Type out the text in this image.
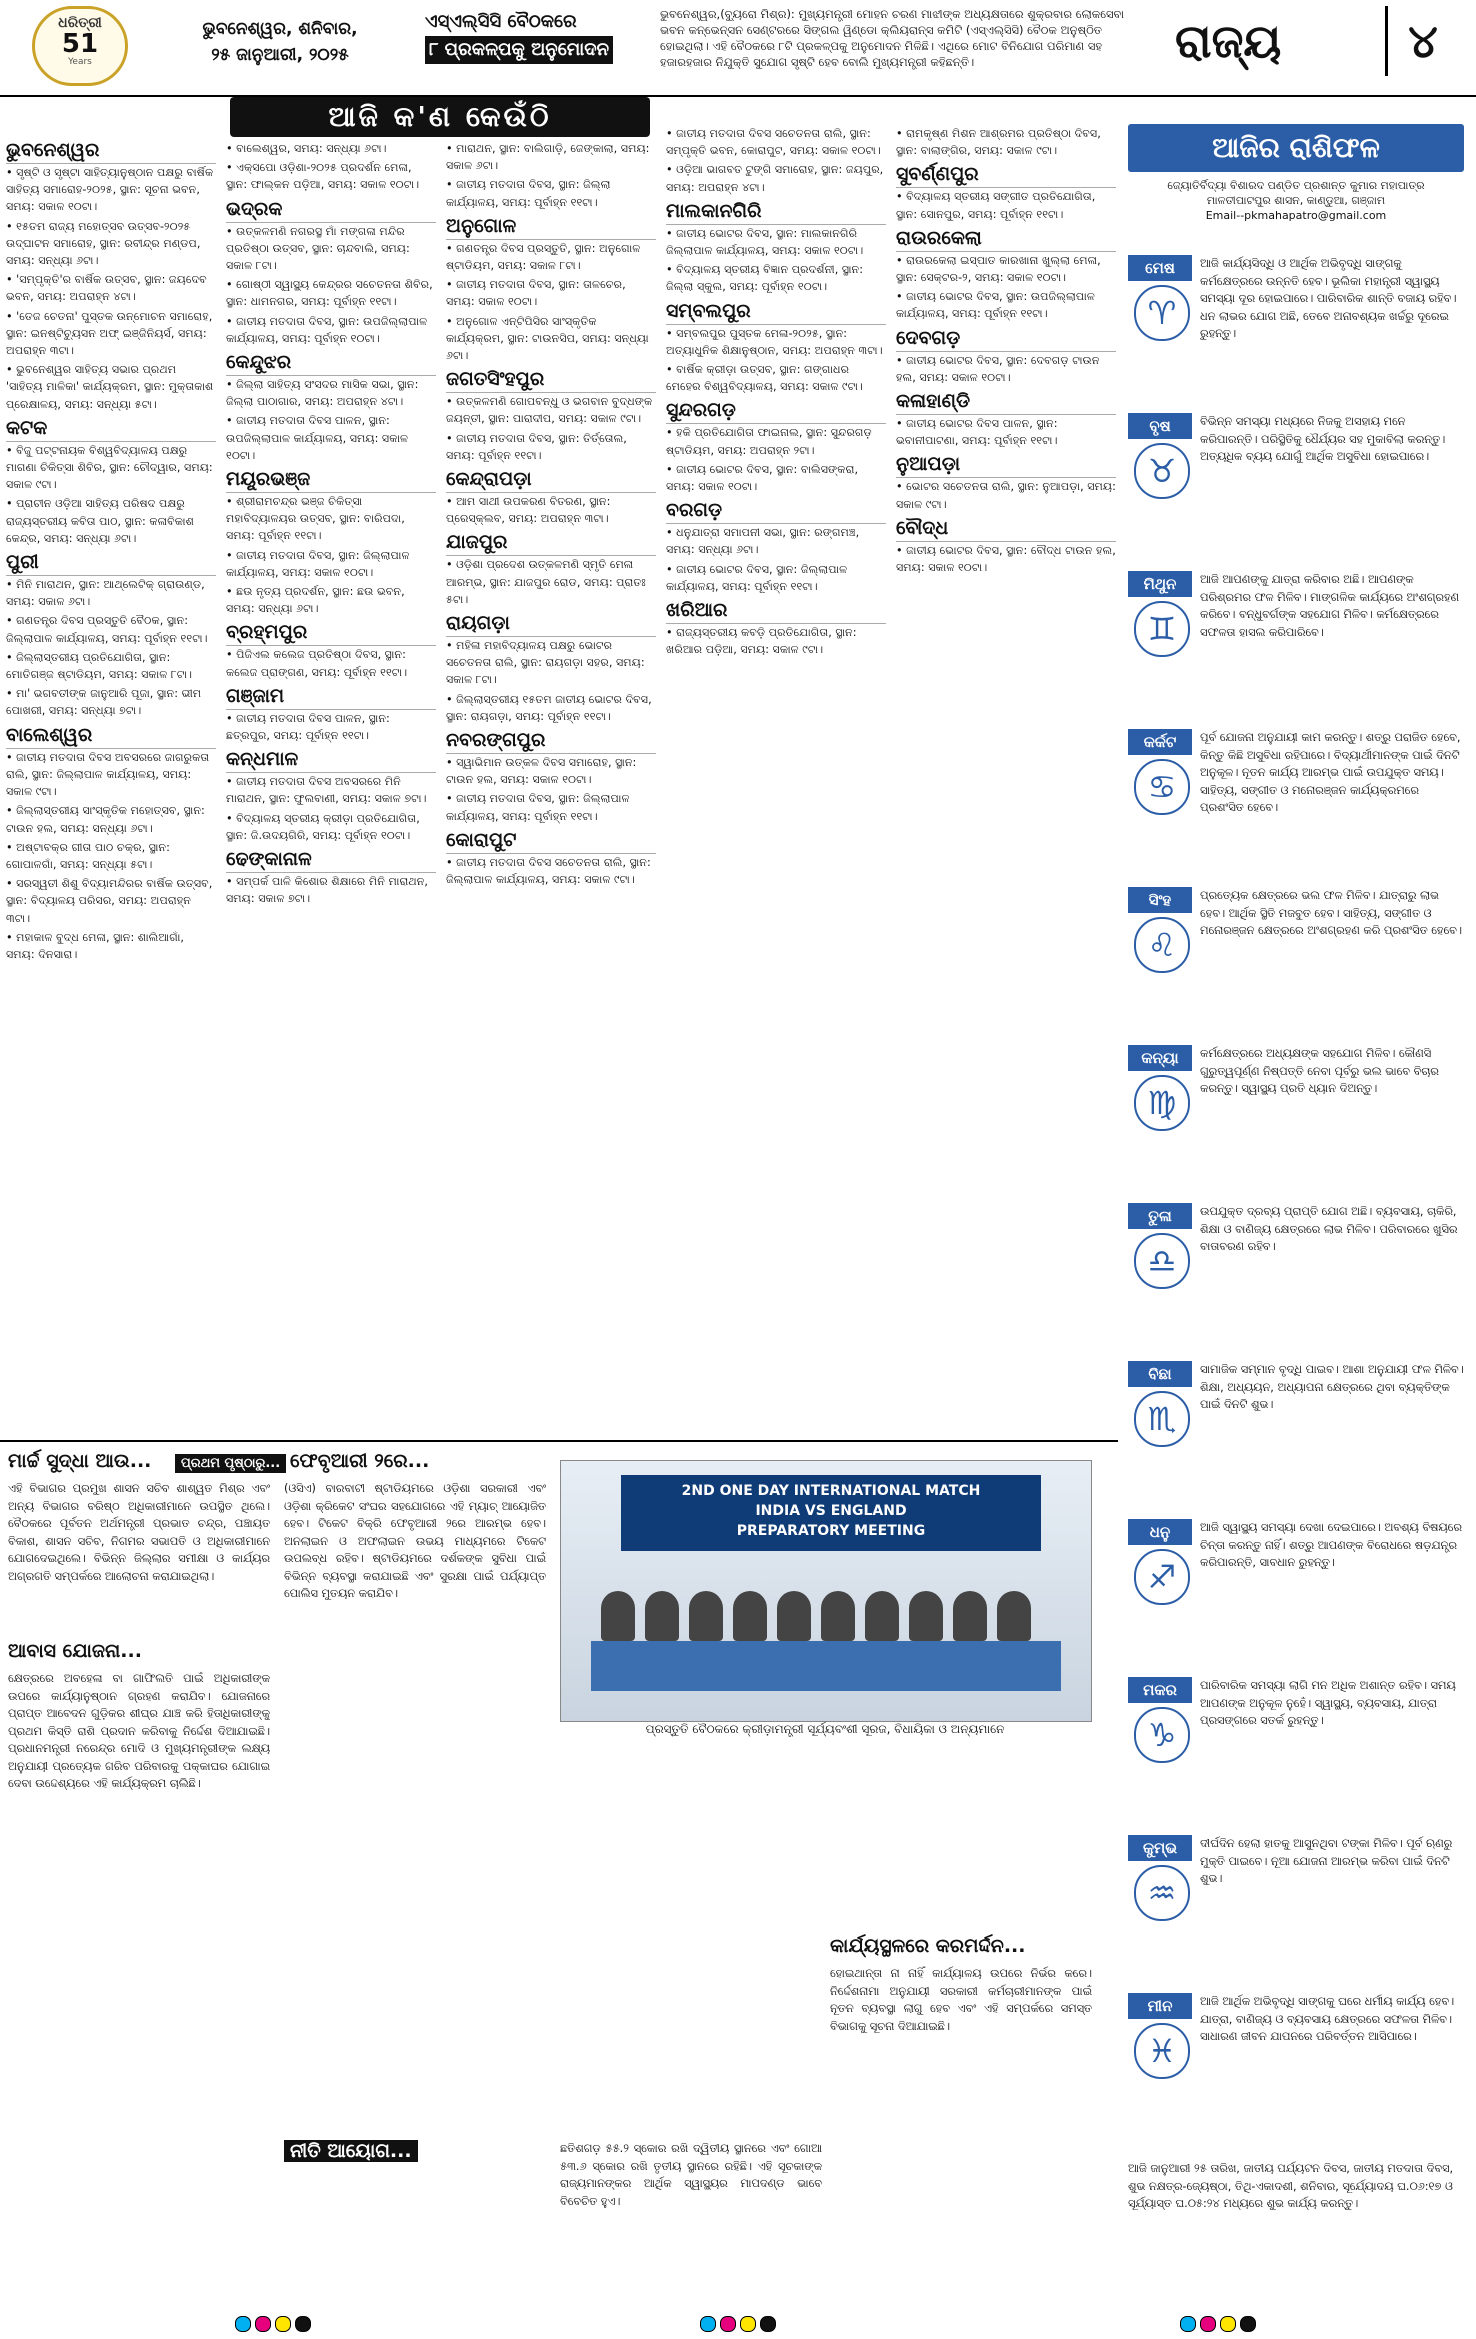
ଧରିତ୍ରୀ
51
Years
ଭୁବନେଶ୍ୱର, ଶନିବାର,
୨୫ ଜାନୁଆରୀ, ୨୦୨୫
ଏସ୍‌ଏଲ୍‌ସିସି ବୈଠକରେ
୮ ପ୍ରକଳ୍ପକୁ ଅନୁମୋଦନ
ଭୁବନେଶ୍ୱର,(ବ୍ୟୁରୋ ମିଶ୍ର): ମୁଖ୍ୟମନ୍ତ୍ରୀ ମୋହନ ଚରଣ ମାଝୀଙ୍କ ଅଧ୍ୟକ୍ଷତାରେ ଶୁକ୍ରବାର ଲୋକସେବା ଭବନ କନ୍‌ଭେନ୍‌ସନ ସେଣ୍ଟରରେ ସିଙ୍ଗଲ ୱିଣ୍ଡୋ କ୍ଲିୟରାନ୍ସ କମିଟି (ଏସ୍‌ଏଲ୍‌ସିସି) ବୈଠକ ଅନୁଷ୍ଠିତ ହୋଇଥିଲା। ଏହି ବୈଠକରେ ୮ଟି ପ୍ରକଳ୍ପକୁ ଅନୁମୋଦନ ମିଳିଛି। ଏଥିରେ ମୋଟ ବିନିଯୋଗ ପରିମାଣ ସହ ହଜାରହଜାର ନିଯୁକ୍ତି ସୁଯୋଗ ସୃଷ୍ଟି ହେବ ବୋଲି ମୁଖ୍ୟମନ୍ତ୍ରୀ କହିଛନ୍ତି।	ରାଜ୍ୟ	୪
ଆଜି କ'ଣ କେଉଁଠି
ଭୁବନେଶ୍ୱର
• ସୃଷ୍ଟି ଓ ସୃଷ୍ଟା ସାହିତ୍ୟାନୁଷ୍ଠାନ ପକ୍ଷରୁ ବାର୍ଷିକ ସାହିତ୍ୟ ସମାରୋହ-୨୦୨୫, ସ୍ଥାନ: ସୂଚନା ଭବନ, ସମୟ: ସକାଳ ୧୦ଟା।
• ୧୫ତମ ରାଜ୍ୟ ମହୋତ୍ସବ ଉତ୍ସବ-୨୦୨୫ ଉଦ୍‌ଘାଟନ ସମାରୋହ, ସ୍ଥାନ: ରବୀନ୍ଦ୍ର ମଣ୍ଡପ, ସମୟ: ସନ୍ଧ୍ୟା ୬ଟା।
• 'ସମ୍ପୃକ୍ତି'ର ବାର୍ଷିକ ଉତ୍ସବ, ସ୍ଥାନ: ଜୟଦେବ ଭବନ, ସମୟ: ଅପରାହ୍ନ ୪ଟା।
• 'ତେଜ ଚେତନା' ପୁସ୍ତକ ଉନ୍ମୋଚନ ସମାରୋହ, ସ୍ଥାନ: ଇନଷ୍ଟିଚ୍ୟୁସନ ଅଫ୍ ଇଞ୍ଜିନିୟର୍ସ, ସମୟ: ଅପରାହ୍ନ ୩ଟା।
• ଭୁବନେଶ୍ୱର ସାହିତ୍ୟ ସଭାର ପ୍ରଥମ 'ସାହିତ୍ୟ ମାଳିକା' କାର୍ଯ୍ୟକ୍ରମ, ସ୍ଥାନ: ମୁକ୍ତାକାଶ ପ୍ରେକ୍ଷାଳୟ, ସମୟ: ସନ୍ଧ୍ୟା ୫ଟା।
କଟକ
• ବିଜୁ ପଟ୍ଟନାୟକ ବିଶ୍ୱବିଦ୍ୟାଳୟ ପକ୍ଷରୁ ମାଗଣା ଚିକିତ୍ସା ଶିବିର, ସ୍ଥାନ: ଚୌଦ୍ୱାର, ସମୟ: ସକାଳ ୯ଟା।
• ପ୍ରାଚୀନ ଓଡ଼ିଆ ସାହିତ୍ୟ ପରିଷଦ ପକ୍ଷରୁ ରାଜ୍ୟସ୍ତରୀୟ କବିତା ପାଠ, ସ୍ଥାନ: କଳାବିକାଶ କେନ୍ଦ୍ର, ସମୟ: ସନ୍ଧ୍ୟା ୬ଟା।
ପୁରୀ
• ମିନି ମାରାଥନ, ସ୍ଥାନ: ଆଥ୍‌ଲେଟିକ୍ ଗ୍ରାଉଣ୍ଡ, ସମୟ: ସକାଳ ୬ଟା।
• ଗଣତନ୍ତ୍ର ଦିବସ ପ୍ରସ୍ତୁତି ବୈଠକ, ସ୍ଥାନ: ଜିଲ୍ଲାପାଳ କାର୍ଯ୍ୟାଳୟ, ସମୟ: ପୂର୍ବାହ୍ନ ୧୧ଟା।
• ଜିଲ୍ଲାସ୍ତରୀୟ ପ୍ରତିଯୋଗିତା, ସ୍ଥାନ: ମୋତିଗଞ୍ଜ ଷ୍ଟାଡିୟମ, ସମୟ: ସକାଳ ୮ଟା।
• ମା' ଭଗବତୀଙ୍କ ଜାନୁଆରି ପୂଜା, ସ୍ଥାନ: ଭୀମ ପୋଖରୀ, ସମୟ: ସନ୍ଧ୍ୟା ୭ଟା।
ବାଲେଶ୍ୱର
• ଜାତୀୟ ମତଦାତା ଦିବସ ଅବସରରେ ଜାଗରୁକତା ରାଲି, ସ୍ଥାନ: ଜିଲ୍ଲାପାଳ କାର୍ଯ୍ୟାଳୟ, ସମୟ: ସକାଳ ୯ଟା।
• ଜିଲ୍ଲାସ୍ତରୀୟ ସାଂସ୍କୃତିକ ମହୋତ୍ସବ, ସ୍ଥାନ: ଟାଉନ ହଲ, ସମୟ: ସନ୍ଧ୍ୟା ୬ଟା।
• ଅଷ୍ଟାବକ୍ର ଗୀତା ପାଠ ଚକ୍ର, ସ୍ଥାନ: ଗୋପାଳଗାଁ, ସମୟ: ସନ୍ଧ୍ୟା ୫ଟା।
• ସରସ୍ୱତୀ ଶିଶୁ ବିଦ୍ୟାମନ୍ଦିରର ବାର୍ଷିକ ଉତ୍ସବ, ସ୍ଥାନ: ବିଦ୍ୟାଳୟ ପରିସର, ସମୟ: ଅପରାହ୍ନ ୩ଟା।
• ମହାକାଳ ବୁଦ୍ଧ ମେଳା, ସ୍ଥାନ: ଶାଲିଆଗାଁ, ସମୟ: ଦିନସାରା।
• ବାଲେଶ୍ୱର, ସମୟ: ସନ୍ଧ୍ୟା ୬ଟା।
• ଏକ୍ସପୋ ଓଡ଼ିଶା-୨୦୨୫ ପ୍ରଦର୍ଶନ ମେଳା, ସ୍ଥାନ: ଫାଲ୍‌କନ ପଡ଼ିଆ, ସମୟ: ସକାଳ ୧୦ଟା।
ଭଦ୍ରକ
• ଉତ୍କଳମଣି ନଗରସ୍ଥ ମାଁ ମଙ୍ଗଳା ମନ୍ଦିର ପ୍ରତିଷ୍ଠା ଉତ୍ସବ, ସ୍ଥାନ: ଚାନ୍ଦବାଲି, ସମୟ: ସକାଳ ୮ଟା।
• ଗୋଷ୍ଠୀ ସ୍ୱାସ୍ଥ୍ୟ କେନ୍ଦ୍ରର ସଚେତନତା ଶିବିର, ସ୍ଥାନ: ଧାମନଗର, ସମୟ: ପୂର୍ବାହ୍ନ ୧୧ଟା।
• ଜାତୀୟ ମତଦାତା ଦିବସ, ସ୍ଥାନ: ଉପଜିଲ୍ଲାପାଳ କାର୍ଯ୍ୟାଳୟ, ସମୟ: ପୂର୍ବାହ୍ନ ୧୦ଟା।
କେନ୍ଦୁଝର
• ଜିଲ୍ଲା ସାହିତ୍ୟ ସଂସଦର ମାସିକ ସଭା, ସ୍ଥାନ: ଜିଲ୍ଲା ପାଠାଗାର, ସମୟ: ଅପରାହ୍ନ ୪ଟା।
• ଜାତୀୟ ମତଦାତା ଦିବସ ପାଳନ, ସ୍ଥାନ: ଉପଜିଲ୍ଲାପାଳ କାର୍ଯ୍ୟାଳୟ, ସମୟ: ସକାଳ ୧୦ଟା।
ମୟୂରଭଞ୍ଜ
• ଶ୍ରୀରାମଚନ୍ଦ୍ର ଭଞ୍ଜ ଚିକିତ୍ସା ମହାବିଦ୍ୟାଳୟର ଉତ୍ସବ, ସ୍ଥାନ: ବାରିପଦା, ସମୟ: ପୂର୍ବାହ୍ନ ୧୧ଟା।
• ଜାତୀୟ ମତଦାତା ଦିବସ, ସ୍ଥାନ: ଜିଲ୍ଲାପାଳ କାର୍ଯ୍ୟାଳୟ, ସମୟ: ସକାଳ ୧୦ଟା।
• ଛଉ ନୃତ୍ୟ ପ୍ରଦର୍ଶନ, ସ୍ଥାନ: ଛଉ ଭବନ, ସମୟ: ସନ୍ଧ୍ୟା ୬ଟା।
ବ୍ରହ୍ମପୁର
• ପିଜିଏଲ କଲେଜ ପ୍ରତିଷ୍ଠା ଦିବସ, ସ୍ଥାନ: କଲେଜ ପ୍ରାଙ୍ଗଣ, ସମୟ: ପୂର୍ବାହ୍ନ ୧୧ଟା।
ଗଞ୍ଜାମ
• ଜାତୀୟ ମତଦାତା ଦିବସ ପାଳନ, ସ୍ଥାନ: ଛତ୍ରପୁର, ସମୟ: ପୂର୍ବାହ୍ନ ୧୧ଟା।
କନ୍ଧମାଳ
• ଜାତୀୟ ମତଦାତା ଦିବସ ଅବସରରେ ମିନି ମାରାଥନ, ସ୍ଥାନ: ଫୁଲବାଣୀ, ସମୟ: ସକାଳ ୭ଟା।
• ବିଦ୍ୟାଳୟ ସ୍ତରୀୟ କ୍ରୀଡ଼ା ପ୍ରତିଯୋଗିତା, ସ୍ଥାନ: ଜି.ଉଦୟଗିରି, ସମୟ: ପୂର୍ବାହ୍ନ ୧୦ଟା।
ଢେଙ୍କାନାଳ
• ସମ୍ପର୍କ ପାଳି କିଶୋର ଶିକ୍ଷାରେ ମିନି ମାରାଥନ, ସମୟ: ସକାଳ ୭ଟା।
• ମାରାଥନ, ସ୍ଥାନ: ବାଲିଗାଡ଼ି, ଜେଙ୍କାଲା, ସମୟ: ସକାଳ ୬ଟା।
• ଜାତୀୟ ମତଦାତା ଦିବସ, ସ୍ଥାନ: ଜିଲ୍ଲା କାର୍ଯ୍ୟାଳୟ, ସମୟ: ପୂର୍ବାହ୍ନ ୧୧ଟା।
ଅନୁଗୋଳ
• ଗଣତନ୍ତ୍ର ଦିବସ ପ୍ରସ୍ତୁତି, ସ୍ଥାନ: ଅନୁଗୋଳ ଷ୍ଟାଡିୟମ, ସମୟ: ସକାଳ ୮ଟା।
• ଜାତୀୟ ମତଦାତା ଦିବସ, ସ୍ଥାନ: ତାଳଚେର, ସମୟ: ସକାଳ ୧୦ଟା।
• ଅନୁଗୋଳ ଏନ୍‌ଟିପିସିର ସାଂସ୍କୃତିକ କାର୍ଯ୍ୟକ୍ରମ, ସ୍ଥାନ: ଟାଉନସିପ, ସମୟ: ସନ୍ଧ୍ୟା ୬ଟା।
ଜଗତସିଂହପୁର
• ଉତ୍କଳମଣି ଗୋପବନ୍ଧୁ ଓ ଭଗବାନ ବୁଦ୍ଧଙ୍କ ଜୟନ୍ତୀ, ସ୍ଥାନ: ପାରାଦୀପ, ସମୟ: ସକାଳ ୯ଟା।
• ଜାତୀୟ ମତଦାତା ଦିବସ, ସ୍ଥାନ: ତିର୍ତ୍ତୋଲ, ସମୟ: ପୂର୍ବାହ୍ନ ୧୧ଟା।
କେନ୍ଦ୍ରାପଡ଼ା
• ଆମ ସାଥୀ ଉପକରଣ ବିତରଣ, ସ୍ଥାନ: ପ୍ରେସ୍‌କ୍ଲବ, ସମୟ: ଅପରାହ୍ନ ୩ଟା।
ଯାଜପୁର
• ଓଡ଼ିଶା ପ୍ରଦେଶ ଉତ୍କଳମଣି ସ୍ମୃତି ମେଳା ଆରମ୍ଭ, ସ୍ଥାନ: ଯାଜପୁର ରୋଡ, ସମୟ: ପ୍ରାତଃ ୫ଟା।
ରାୟଗଡ଼ା
• ମହିଳା ମହାବିଦ୍ୟାଳୟ ପକ୍ଷରୁ ଭୋଟର ସଚେତନତା ରାଲି, ସ୍ଥାନ: ରାୟଗଡ଼ା ସହର, ସମୟ: ସକାଳ ୮ଟା।
• ଜିଲ୍ଲାସ୍ତରୀୟ ୧୫ତମ ଜାତୀୟ ଭୋଟର ଦିବସ, ସ୍ଥାନ: ରାୟଗଡ଼ା, ସମୟ: ପୂର୍ବାହ୍ନ ୧୧ଟା।
ନବରଙ୍ଗପୁର
• ସ୍ୱାଭିମାନ ଉତ୍କଳ ଦିବସ ସମାରୋହ, ସ୍ଥାନ: ଟାଉନ ହଲ, ସମୟ: ସକାଳ ୧୦ଟା।
• ଜାତୀୟ ମତଦାତା ଦିବସ, ସ୍ଥାନ: ଜିଲ୍ଲାପାଳ କାର୍ଯ୍ୟାଳୟ, ସମୟ: ପୂର୍ବାହ୍ନ ୧୧ଟା।
କୋରାପୁଟ
• ଜାତୀୟ ମତଦାତା ଦିବସ ସଚେତନତା ରାଲି, ସ୍ଥାନ: ଜିଲ୍ଲାପାଳ କାର୍ଯ୍ୟାଳୟ, ସମୟ: ସକାଳ ୯ଟା।
• ଜାତୀୟ ମତଦାତା ଦିବସ ସଚେତନତା ରାଲି, ସ୍ଥାନ: ସମ୍ପୃକ୍ତି ଭବନ, କୋରାପୁଟ, ସମୟ: ସକାଳ ୧୦ଟା।
• ଓଡ଼ିଆ ଭାଗବତ ଟୁଙ୍ଗି ସମାରୋହ, ସ୍ଥାନ: ଜୟପୁର, ସମୟ: ଅପରାହ୍ନ ୪ଟା।
ମାଲକାନଗିରି
• ଜାତୀୟ ଭୋଟର ଦିବସ, ସ୍ଥାନ: ମାଲକାନଗିରି ଜିଲ୍ଲାପାଳ କାର୍ଯ୍ୟାଳୟ, ସମୟ: ସକାଳ ୧୦ଟା।
• ବିଦ୍ୟାଳୟ ସ୍ତରୀୟ ବିଜ୍ଞାନ ପ୍ରଦର୍ଶନୀ, ସ୍ଥାନ: ଜିଲ୍ଲା ସ୍କୁଲ, ସମୟ: ପୂର୍ବାହ୍ନ ୧୦ଟା।
ସମ୍ବଲପୁର
• ସମ୍ବଲପୁର ପୁସ୍ତକ ମେଳା-୨୦୨୫, ସ୍ଥାନ: ଅତ୍ୟାଧୁନିକ ଶିକ୍ଷାନୁଷ୍ଠାନ, ସମୟ: ଅପରାହ୍ନ ୩ଟା।
• ବାର୍ଷିକ କ୍ରୀଡ଼ା ଉତ୍ସବ, ସ୍ଥାନ: ଗଙ୍ଗାଧର ମେହେର ବିଶ୍ୱବିଦ୍ୟାଳୟ, ସମୟ: ସକାଳ ୯ଟା।
ସୁନ୍ଦରଗଡ଼
• ହକି ପ୍ରତିଯୋଗିତା ଫାଇନାଲ, ସ୍ଥାନ: ସୁନ୍ଦରଗଡ଼ ଷ୍ଟାଡିୟମ, ସମୟ: ଅପରାହ୍ନ ୨ଟା।
• ଜାତୀୟ ଭୋଟର ଦିବସ, ସ୍ଥାନ: ବାଲିସଙ୍କରା, ସମୟ: ସକାଳ ୧୦ଟା।
ବରଗଡ଼
• ଧନୁଯାତ୍ରା ସମାପନୀ ସଭା, ସ୍ଥାନ: ରଙ୍ଗମଞ୍ଚ, ସମୟ: ସନ୍ଧ୍ୟା ୬ଟା।
• ଜାତୀୟ ଭୋଟର ଦିବସ, ସ୍ଥାନ: ଜିଲ୍ଲାପାଳ କାର୍ଯ୍ୟାଳୟ, ସମୟ: ପୂର୍ବାହ୍ନ ୧୧ଟା।
ଖରିଆର
• ରାଜ୍ୟସ୍ତରୀୟ କବଡ଼ି ପ୍ରତିଯୋଗିତା, ସ୍ଥାନ: ଖରିଆର ପଡ଼ିଆ, ସମୟ: ସକାଳ ୯ଟା।
• ରାମକୃଷ୍ଣ ମିଶନ ଆଶ୍ରମର ପ୍ରତିଷ୍ଠା ଦିବସ, ସ୍ଥାନ: ବାଲାଙ୍ଗିର, ସମୟ: ସକାଳ ୯ଟା।
ସୁବର୍ଣ୍ଣପୁର
• ବିଦ୍ୟାଳୟ ସ୍ତରୀୟ ସଙ୍ଗୀତ ପ୍ରତିଯୋଗିତା, ସ୍ଥାନ: ସୋନପୁର, ସମୟ: ପୂର୍ବାହ୍ନ ୧୧ଟା।
ରାଉରକେଲା
• ରାଉରକେଲା ଇସ୍ପାତ କାରଖାନା ଖୁଲ୍ଲା ମେଳା, ସ୍ଥାନ: ସେକ୍ଟର-୨, ସମୟ: ସକାଳ ୧୦ଟା।
• ଜାତୀୟ ଭୋଟର ଦିବସ, ସ୍ଥାନ: ଉପଜିଲ୍ଲାପାଳ କାର୍ଯ୍ୟାଳୟ, ସମୟ: ପୂର୍ବାହ୍ନ ୧୧ଟା।
ଦେବଗଡ଼
• ଜାତୀୟ ଭୋଟର ଦିବସ, ସ୍ଥାନ: ଦେବଗଡ଼ ଟାଉନ ହଲ, ସମୟ: ସକାଳ ୧୦ଟା।
କଳାହାଣ୍ଡି
• ଜାତୀୟ ଭୋଟର ଦିବସ ପାଳନ, ସ୍ଥାନ: ଭବାନୀପାଟଣା, ସମୟ: ପୂର୍ବାହ୍ନ ୧୧ଟା।
ନୁଆପଡ଼ା
• ଭୋଟର ସଚେତନତା ରାଲି, ସ୍ଥାନ: ନୁଆପଡ଼ା, ସମୟ: ସକାଳ ୯ଟା।
ବୌଦ୍ଧ
• ଜାତୀୟ ଭୋଟର ଦିବସ, ସ୍ଥାନ: ବୌଦ୍ଧ ଟାଉନ ହଲ, ସମୟ: ସକାଳ ୧୦ଟା।
ଆଜିର ରାଶିଫଳ
ଜ୍ୟୋତିର୍ବିଦ୍ୟା ବିଶାରଦ ପଣ୍ଡିତ ପ୍ରଶାନ୍ତ କୁମାର ମହାପାତ୍ର
ମାଳତୀପାଟପୁର ଶାସନ, କାଣ୍ଡୁଆ, ଗଞ୍ଜାମ
Email--pkmahapatro@gmail.com
ମେଷ
♈
ଆଜି କାର୍ଯ୍ୟସିଦ୍ଧି ଓ ଆର୍ଥିକ ଅଭିବୃଦ୍ଧି ସାଙ୍ଗକୁ କର୍ମକ୍ଷେତ୍ରରେ ଉନ୍ନତି ହେବ। ଭୂଲିକା ମହାନ୍ତ୍ରୀ ସ୍ୱାସ୍ଥ୍ୟ ସମସ୍ୟା ଦୂର ହୋଇପାରେ। ପାରିବାରିକ ଶାନ୍ତି ବଜାୟ ରହିବ। ଧନ ଲାଭର ଯୋଗ ଅଛି, ତେବେ ଅନାବଶ୍ୟକ ଖର୍ଚ୍ଚରୁ ଦୂରେଇ ରୁହନ୍ତୁ।
ବୃଷ
♉
ବିଭିନ୍ନ ସମସ୍ୟା ମଧ୍ୟରେ ନିଜକୁ ଅସହାୟ ମନେ କରିପାରନ୍ତି। ପରିସ୍ଥିତିକୁ ଧୈର୍ଯ୍ୟର ସହ ମୁକାବିଲା କରନ୍ତୁ। ଅତ୍ୟଧିକ ବ୍ୟୟ ଯୋଗୁଁ ଆର୍ଥିକ ଅସୁବିଧା ହୋଇପାରେ।
ମିଥୁନ
♊
ଆଜି ଆପଣଙ୍କୁ ଯାତ୍ରା କରିବାର ଅଛି। ଆପଣଙ୍କ ପରିଶ୍ରମର ଫଳ ମିଳିବ। ମାଙ୍ଗଳିକ କାର୍ଯ୍ୟରେ ଅଂଶଗ୍ରହଣ କରିବେ। ବନ୍ଧୁବର୍ଗଙ୍କ ସହଯୋଗ ମିଳିବ। କର୍ମକ୍ଷେତ୍ରରେ ସଫଳତା ହାସଲ କରିପାରିବେ।
କର୍କଟ
♋
ପୂର୍ବ ଯୋଜନା ଅନୁଯାୟୀ କାମ କରନ୍ତୁ। ଶତ୍ରୁ ପରାଜିତ ହେବେ, କିନ୍ତୁ କିଛି ଅସୁବିଧା ରହିପାରେ। ବିଦ୍ୟାର୍ଥୀମାନଙ୍କ ପାଇଁ ଦିନଟି ଅନୁକୂଳ। ନୂତନ କାର୍ଯ୍ୟ ଆରମ୍ଭ ପାଇଁ ଉପଯୁକ୍ତ ସମୟ। ସାହିତ୍ୟ, ସଙ୍ଗୀତ ଓ ମନୋରଞ୍ଜନ କାର୍ଯ୍ୟକ୍ରମରେ ପ୍ରଶଂସିତ ହେବେ।
ସିଂହ
♌
ପ୍ରତ୍ୟେକ କ୍ଷେତ୍ରରେ ଭଲ ଫଳ ମିଳିବ। ଯାତ୍ରାରୁ ଲାଭ ହେବ। ଆର୍ଥିକ ସ୍ଥିତି ମଜବୁତ ହେବ। ସାହିତ୍ୟ, ସଙ୍ଗୀତ ଓ ମନୋରଞ୍ଜନ କ୍ଷେତ୍ରରେ ଅଂଶଗ୍ରହଣ କରି ପ୍ରଶଂସିତ ହେବେ।
କନ୍ୟା
♍
କର୍ମକ୍ଷେତ୍ରରେ ଅଧ୍ୟକ୍ଷଙ୍କ ସହଯୋଗ ମିଳିବ। କୌଣସି ଗୁରୁତ୍ୱପୂର୍ଣ୍ଣ ନିଷ୍ପତ୍ତି ନେବା ପୂର୍ବରୁ ଭଲ ଭାବେ ବିଚାର କରନ୍ତୁ। ସ୍ୱାସ୍ଥ୍ୟ ପ୍ରତି ଧ୍ୟାନ ଦିଅନ୍ତୁ।
ତୁଳା
♎
ଉପଯୁକ୍ତ ଦ୍ରବ୍ୟ ପ୍ରାପ୍ତି ଯୋଗ ଅଛି। ବ୍ୟବସାୟ, ଚାକିରି, ଶିକ୍ଷା ଓ ବାଣିଜ୍ୟ କ୍ଷେତ୍ରରେ ଲାଭ ମିଳିବ। ପରିବାରରେ ଖୁସିର ବାତାବରଣ ରହିବ।
ବିଛା
♏
ସାମାଜିକ ସମ୍ମାନ ବୃଦ୍ଧି ପାଇବ। ଆଶା ଅନୁଯାୟୀ ଫଳ ମିଳିବ। ଶିକ୍ଷା, ଅଧ୍ୟୟନ, ଅଧ୍ୟାପନା କ୍ଷେତ୍ରରେ ଥିବା ବ୍ୟକ୍ତିଙ୍କ ପାଇଁ ଦିନଟି ଶୁଭ।
ଧନୁ
♐
ଆଜି ସ୍ୱାସ୍ଥ୍ୟ ସମସ୍ୟା ଦେଖା ଦେଇପାରେ। ଅବଶ୍ୟ ବିଷୟରେ ଚିନ୍ତା କରନ୍ତୁ ନାହିଁ। ଶତ୍ରୁ ଆପଣଙ୍କ ବିରୋଧରେ ଷଡ଼ଯନ୍ତ୍ର କରିପାରନ୍ତି, ସାବଧାନ ରୁହନ୍ତୁ।
ମକର
♑
ପାରିବାରିକ ସମସ୍ୟା ଲାଗି ମନ ଅଧିକ ଅଶାନ୍ତ ରହିବ। ସମୟ ଆପଣଙ୍କ ଅନୁକୂଳ ନୁହେଁ। ସ୍ୱାସ୍ଥ୍ୟ, ବ୍ୟବସାୟ, ଯାତ୍ରା ପ୍ରସଙ୍ଗରେ ସତର୍କ ରୁହନ୍ତୁ।
କୁମ୍ଭ
♒
ଦୀର୍ଘଦିନ ହେଲା ହାତକୁ ଆସୁନଥିବା ଟଙ୍କା ମିଳିବ। ପୂର୍ବ ଋଣରୁ ମୁକ୍ତି ପାଇବେ। ନୂଆ ଯୋଜନା ଆରମ୍ଭ କରିବା ପାଇଁ ଦିନଟି ଶୁଭ।
ମୀନ
♓
ଆଜି ଆର୍ଥିକ ଅଭିବୃଦ୍ଧି ସାଙ୍ଗକୁ ଘରେ ଧର୍ମୀୟ କାର୍ଯ୍ୟ ହେବ। ଯାତ୍ରା, ବାଣିଜ୍ୟ ଓ ବ୍ୟବସାୟ କ୍ଷେତ୍ରରେ ସଫଳତା ମିଳିବ। ସାଧାରଣ ଜୀବନ ଯାପନରେ ପରିବର୍ତ୍ତନ ଆସିପାରେ।
ଆଜି ଜାନୁଆରୀ ୨୫ ତାରିଖ, ଜାତୀୟ ପର୍ଯ୍ୟଟନ ଦିବସ, ଜାତୀୟ ମତଦାତା ଦିବସ, ଶୁଭ ନକ୍ଷତ୍ର-ଜ୍ୟେଷ୍ଠା, ତିଥି-ଏକାଦଶୀ, ଶନିବାର, ସୂର୍ଯ୍ୟୋଦୟ ଘ.୦୬:୧୭ ଓ ସୂର୍ଯ୍ୟାସ୍ତ ଘ.୦୫:୨୪ ମଧ୍ୟରେ ଶୁଭ କାର୍ଯ୍ୟ କରନ୍ତୁ।
ମାର୍ଚ୍ଚ ସୁଦ୍ଧା ଆଉ...	ପ୍ରଥମ ପୃଷ୍ଠାରୁ...
ଏହି ବିଭାଗର ପ୍ରମୁଖ ଶାସନ ସଚିବ ଶାଶ୍ୱତ ମିଶ୍ର ଏବଂ ଅନ୍ୟ ବିଭାଗର ବରିଷ୍ଠ ଅଧିକାରୀମାନେ ଉପସ୍ଥିତ ଥିଲେ। ବୈଠକରେ ପୂର୍ବତନ ଅର୍ଥମନ୍ତ୍ରୀ ପ୍ରଭାତ ଚନ୍ଦ୍ର, ପଞ୍ଚାୟତ ବିକାଶ, ଶାସନ ସଚିବ, ନିଗମର ସଭାପତି ଓ ଅଧିକାରୀମାନେ ଯୋଗଦେଇଥିଲେ। ବିଭିନ୍ନ ଜିଲ୍ଲାର ସମୀକ୍ଷା ଓ କାର୍ଯ୍ୟର ଅଗ୍ରଗତି ସମ୍ପର୍କରେ ଆଲୋଚନା କରାଯାଇଥିଲା।
ଆବାସ ଯୋଜନା...
କ୍ଷେତ୍ରରେ ଅବହେଳା ବା ଗାଫିଲତି ପାଇଁ ଅଧିକାରୀଙ୍କ ଉପରେ କାର୍ଯ୍ୟାନୁଷ୍ଠାନ ଗ୍ରହଣ କରାଯିବ। ଯୋଜନାରେ ପ୍ରାପ୍ତ ଆବେଦନ ଗୁଡ଼ିକର ଶୀଘ୍ର ଯାଞ୍ଚ କରି ହିତାଧିକାରୀଙ୍କୁ ପ୍ରଥମ କିସ୍ତି ରାଶି ପ୍ରଦାନ କରିବାକୁ ନିର୍ଦ୍ଦେଶ ଦିଆଯାଇଛି। ପ୍ରଧାନମନ୍ତ୍ରୀ ନରେନ୍ଦ୍ର ମୋଦି ଓ ମୁଖ୍ୟମନ୍ତ୍ରୀଙ୍କ ଲକ୍ଷ୍ୟ ଅନୁଯାୟୀ ପ୍ରତ୍ୟେକ ଗରିବ ପରିବାରକୁ ପକ୍କାଘର ଯୋଗାଇ ଦେବା ଉଦ୍ଦେଶ୍ୟରେ ଏହି କାର୍ଯ୍ୟକ୍ରମ ଚାଲିଛି।
ଫେବୃଆରୀ ୨ରେ...
(ଓସିଏ) ବାରବାଟୀ ଷ୍ଟାଡିୟମରେ ଓଡ଼ିଶା ସରକାରୀ ଏବଂ ଓଡ଼ିଶା କ୍ରିକେଟ ସଂଘର ସହଯୋଗରେ ଏହି ମ୍ୟାଚ୍ ଆୟୋଜିତ ହେବ। ଟିକେଟ ବିକ୍ରି ଫେବୃଆରୀ ୨ରେ ଆରମ୍ଭ ହେବ। ଅନଲାଇନ ଓ ଅଫଲାଇନ ଉଭୟ ମାଧ୍ୟମରେ ଟିକେଟ ଉପଲବ୍ଧ ରହିବ। ଷ୍ଟାଡିୟମରେ ଦର୍ଶକଙ୍କ ସୁବିଧା ପାଇଁ ବିଭିନ୍ନ ବ୍ୟବସ୍ଥା କରାଯାଇଛି ଏବଂ ସୁରକ୍ଷା ପାଇଁ ପର୍ଯ୍ୟାପ୍ତ ପୋଲିସ ମୁତୟନ କରାଯିବ।
2ND ONE DAY INTERNATIONAL MATCH
INDIA VS ENGLAND
PREPARATORY MEETING
ପ୍ରସ୍ତୁତି ବୈଠକରେ କ୍ରୀଡ଼ାମନ୍ତ୍ରୀ ସୂର୍ଯ୍ୟବଂଶୀ ସୂରଜ, ବିଧାୟିକା ଓ ଅନ୍ୟମାନେ
କାର୍ଯ୍ୟସ୍ଥଳରେ କରମର୍ଦ୍ଦନ...
ହୋଇଥାନ୍ତା ନା ନାହିଁ କାର୍ଯ୍ୟାଳୟ ଉପରେ ନିର୍ଭର କରେ। ନିର୍ଦ୍ଦେଶନାମା ଅନୁଯାୟୀ ସରକାରୀ କର୍ମଚାରୀମାନଙ୍କ ପାଇଁ ନୂତନ ବ୍ୟବସ୍ଥା ଲାଗୁ ହେବ ଏବଂ ଏହି ସମ୍ପର୍କରେ ସମସ୍ତ ବିଭାଗକୁ ସୂଚନା ଦିଆଯାଇଛି।
ନୀତି ଆୟୋଗ...	ଛତିଶଗଡ଼ ୫୫.୨ ସ୍କୋର ରଖି ଦ୍ୱିତୀୟ ସ୍ଥାନରେ ଏବଂ ଗୋଆ ୫୩.୬ ସ୍କୋର ରଖି ତୃତୀୟ ସ୍ଥାନରେ ରହିଛି। ଏହି ସୂଚକାଙ୍କ ରାଜ୍ୟମାନଙ୍କର ଆର୍ଥିକ ସ୍ୱାସ୍ଥ୍ୟର ମାପଦଣ୍ଡ ଭାବେ ବିବେଚିତ ହୁଏ।
